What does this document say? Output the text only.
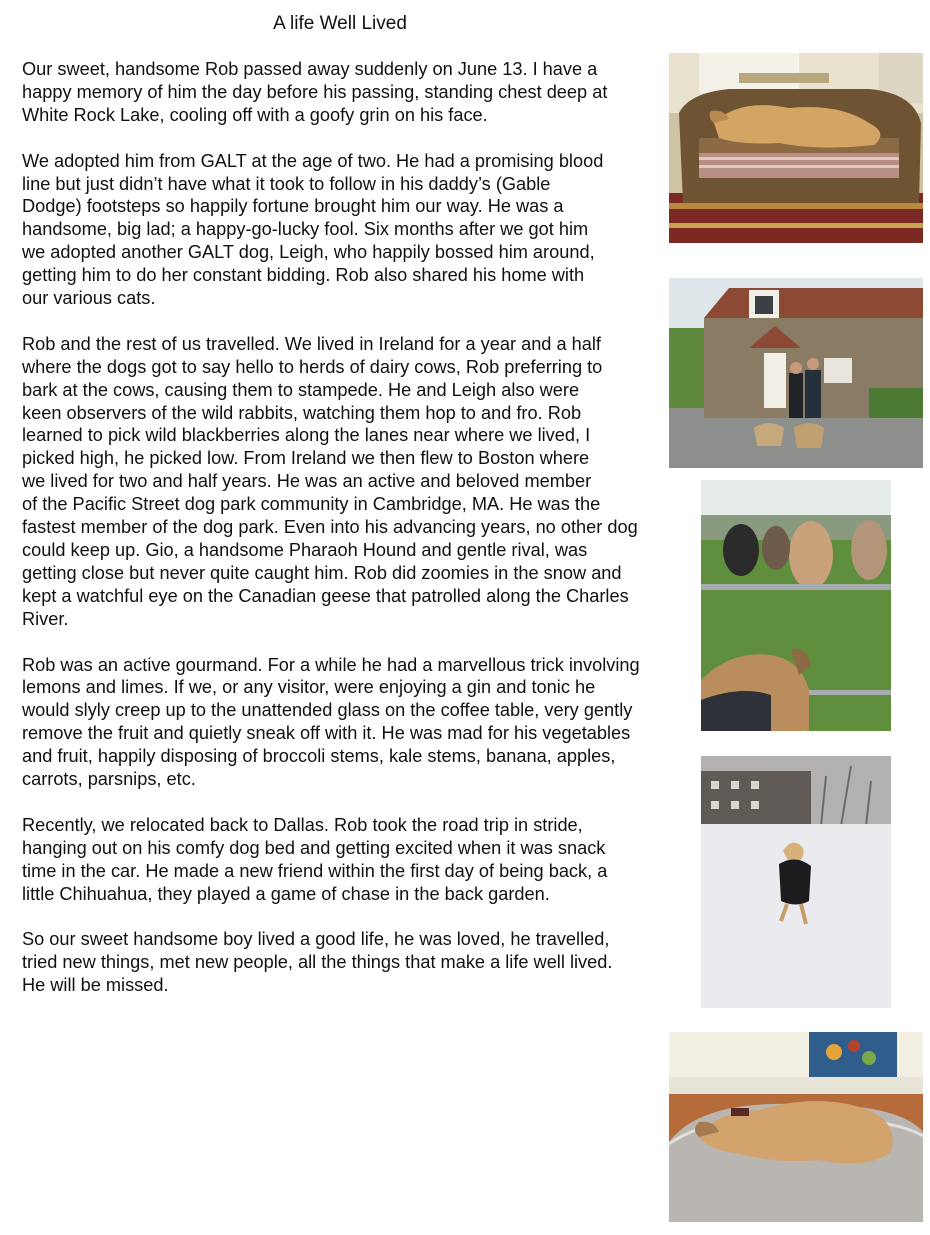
A life Well Lived

Our sweet, handsome Rob passed away suddenly on June 13. I have a
happy memory of him the day before his passing, standing chest deep at
White Rock Lake, cooling off with a goofy grin on his face.

We adopted him from GALT at the age of two. He had a promising blood
line but just didn’t have what it took to follow in his daddy’s (Gable
Dodge) footsteps so happily fortune brought him our way. He was a
handsome, big lad; a happy-go-lucky fool. Six months after we got him
we adopted another GALT dog, Leigh, who happily bossed him around,
getting him to do her constant bidding. Rob also shared his home with
our various cats.

Rob and the rest of us travelled. We lived in Ireland for a year and a half
where the dogs got to say hello to herds of dairy cows, Rob preferring to
bark at the cows, causing them to stampede. He and Leigh also were
keen observers of the wild rabbits, watching them hop to and fro. Rob
learned to pick wild blackberries along the lanes near where we lived, I
picked high, he picked low. From Ireland we then flew to Boston where
we lived for two and half years. He was an active and beloved member
of the Pacific Street dog park community in Cambridge, MA. He was the
fastest member of the dog park. Even into his advancing years, no other dog
could keep up. Gio, a handsome Pharaoh Hound and gentle rival, was
getting close but never quite caught him. Rob did zoomies in the snow and
kept a watchful eye on the Canadian geese that patrolled along the Charles
River.

Rob was an active gourmand. For a while he had a marvellous trick involving
lemons and limes. If we, or any visitor, were enjoying a gin and tonic he
would slyly creep up to the unattended glass on the coffee table, very gently
remove the fruit and quietly sneak off with it. He was mad for his vegetables
and fruit, happily disposing of broccoli stems, kale stems, banana, apples,
carrots, parsnips, etc.

Recently, we relocated back to Dallas. Rob took the road trip in stride,
hanging out on his comfy dog bed and getting excited when it was snack
time in the car. He made a new friend within the first day of being back, a
little Chihuahua, they played a game of chase in the back garden.

So our sweet handsome boy lived a good life, he was loved, he travelled,
tried new things, met new people, all the things that make a life well lived.
He will be missed.
